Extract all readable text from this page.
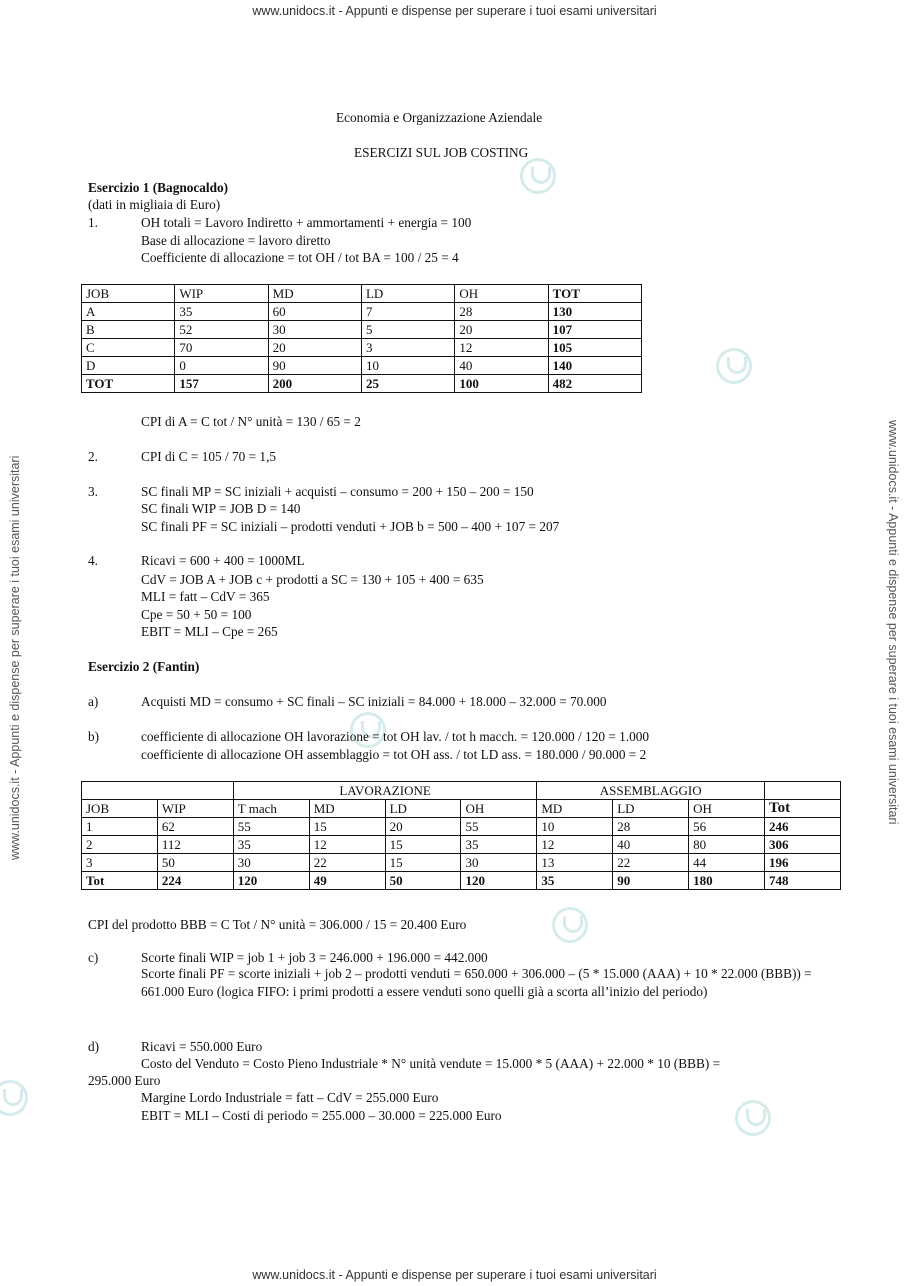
www.unidocs.it - Appunti e dispense per superare i tuoi esami universitari
www.unidocs.it - Appunti e dispense per superare i tuoi esami universitari
www.unidocs.it - Appunti e dispense per superare i tuoi esami universitari	www.unidocs.it - Appunti e dispense per superare i tuoi esami universitari
Economia e Organizzazione Aziendale
ESERCIZI SUL JOB COSTING
Esercizio 1 (Bagnocaldo)
(dati in migliaia di Euro)
1.	OH totali = Lavoro Indiretto + ammortamenti + energia = 100
Base di allocazione = lavoro diretto
Coefficiente di allocazione = tot OH / tot BA = 100 / 25 = 4
JOB	WIP	MD	LD	OH	TOT
A	35	60	7	28	130
B	52	30	5	20	107
C	70	20	3	12	105
D	0	90	10	40	140
TOT	157	200	25	100	482
CPI di A = C tot / N° unità = 130 / 65 = 2
2.	CPI di C = 105 / 70 = 1,5
3.	SC finali MP = SC iniziali + acquisti – consumo = 200 + 150 – 200 = 150
SC finali WIP = JOB D = 140
SC finali PF = SC iniziali – prodotti venduti + JOB b = 500 – 400 + 107 = 207
4.	Ricavi = 600 + 400 = 1000ML
CdV = JOB A + JOB c + prodotti a SC = 130 + 105 + 400 = 635
MLI = fatt – CdV = 365
Cpe = 50 + 50 = 100
EBIT = MLI – Cpe = 265
Esercizio 2 (Fantin)
a)	Acquisti MD = consumo + SC finali – SC iniziali = 84.000 + 18.000 – 32.000 = 70.000
b)	coefficiente di allocazione OH lavorazione = tot OH lav. / tot h macch. = 120.000 / 120 = 1.000
coefficiente di allocazione OH assemblaggio = tot OH ass. / tot LD ass. = 180.000 / 90.000 = 2
		LAVORAZIONE				ASSEMBLAGGIO			
JOB	WIP	T mach	MD	LD	OH	MD	LD	OH	Tot
1	62	55	15	20	55	10	28	56	246
2	112	35	12	15	35	12	40	80	306
3	50	30	22	15	30	13	22	44	196
Tot	224	120	49	50	120	35	90	180	748
CPI del prodotto BBB = C Tot / N° unità = 306.000 / 15 = 20.400 Euro
c)	Scorte finali WIP = job 1 + job 3 = 246.000 + 196.000 = 442.000
Scorte finali PF = scorte iniziali + job 2 – prodotti venduti = 650.000 + 306.000 – (5 * 15.000 (AAA) + 10 * 22.000 (BBB)) = 661.000 Euro (logica FIFO: i primi prodotti a essere venduti sono quelli già a scorta all’inizio del periodo)
d)	Ricavi = 550.000 Euro
Costo del Venduto = Costo Pieno Industriale * N° unità vendute = 15.000 * 5 (AAA) + 22.000 * 10 (BBB) =
295.000 Euro
Margine Lordo Industriale = fatt – CdV = 255.000 Euro
EBIT = MLI – Costi di periodo = 255.000 – 30.000 = 225.000 Euro
